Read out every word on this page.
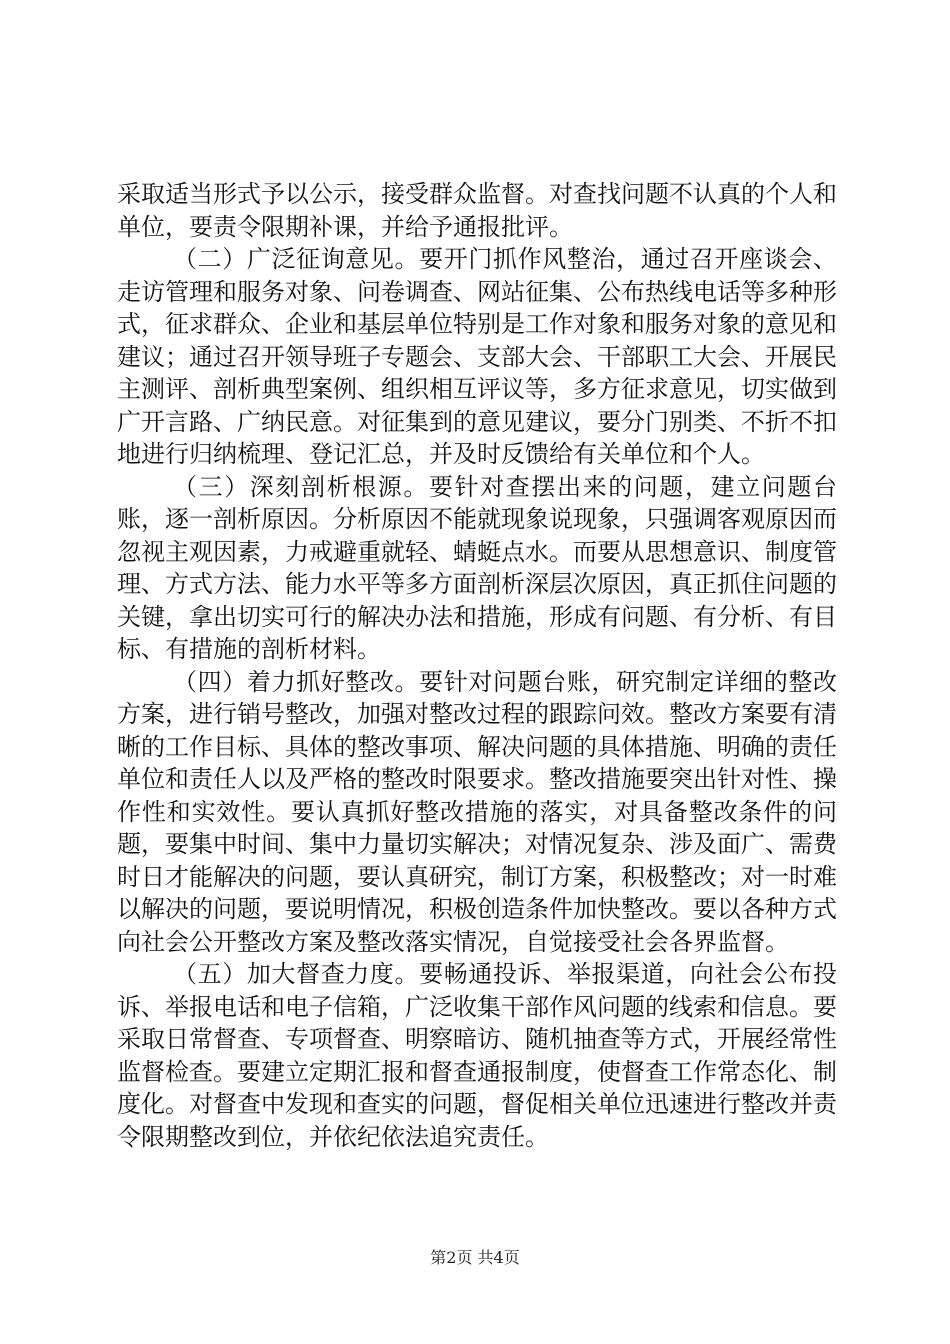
采取适当形式予以公示，接受群众监督。对查找问题不认真的个人和单位，要责令限期补课，并给予通报批评。

（二）广泛征询意见。要开门抓作风整治，通过召开座谈会、走访管理和服务对象、问卷调查、网站征集、公布热线电话等多种形式，征求群众、企业和基层单位特别是工作对象和服务对象的意见和建议；通过召开领导班子专题会、支部大会、干部职工大会、开展民主测评、剖析典型案例、组织相互评议等，多方征求意见，切实做到广开言路、广纳民意。对征集到的意见建议，要分门别类、不折不扣地进行归纳梳理、登记汇总，并及时反馈给有关单位和个人。

（三）深刻剖析根源。要针对查摆出来的问题，建立问题台账，逐一剖析原因。分析原因不能就现象说现象，只强调客观原因而忽视主观因素，力戒避重就轻、蜻蜓点水。而要从思想意识、制度管理、方式方法、能力水平等多方面剖析深层次原因，真正抓住问题的关键，拿出切实可行的解决办法和措施，形成有问题、有分析、有目标、有措施的剖析材料。

（四）着力抓好整改。要针对问题台账，研究制定详细的整改方案，进行销号整改，加强对整改过程的跟踪问效。整改方案要有清晰的工作目标、具体的整改事项、解决问题的具体措施、明确的责任单位和责任人以及严格的整改时限要求。整改措施要突出针对性、操作性和实效性。要认真抓好整改措施的落实，对具备整改条件的问题，要集中时间、集中力量切实解决；对情况复杂、涉及面广、需费时日才能解决的问题，要认真研究，制订方案，积极整改；对一时难以解决的问题，要说明情况，积极创造条件加快整改。要以各种方式向社会公开整改方案及整改落实情况，自觉接受社会各界监督。

（五）加大督查力度。要畅通投诉、举报渠道，向社会公布投诉、举报电话和电子信箱，广泛收集干部作风问题的线索和信息。要采取日常督查、专项督查、明察暗访、随机抽查等方式，开展经常性监督检查。要建立定期汇报和督查通报制度，使督查工作常态化、制度化。对督查中发现和查实的问题，督促相关单位迅速进行整改并责令限期整改到位，并依纪依法追究责任。

第2页 共4页
